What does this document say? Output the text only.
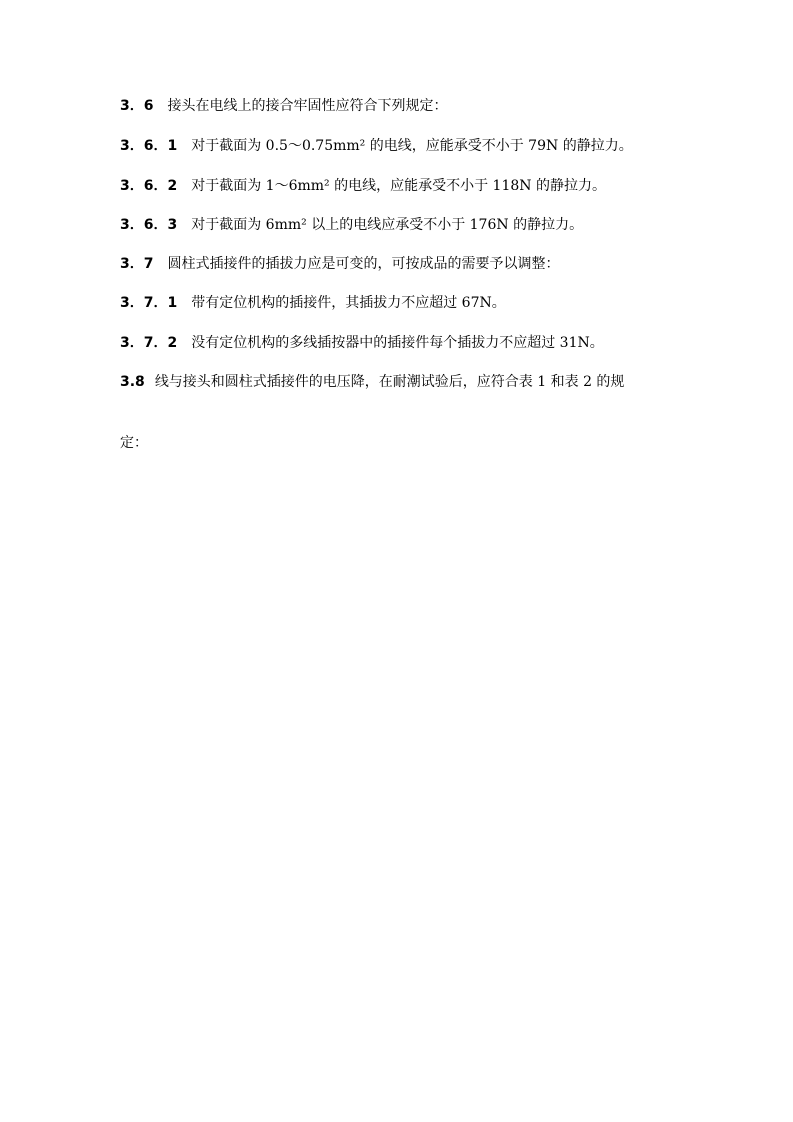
3．6 接头在电线上的接合牢固性应符合下列规定：
3．6．1 对于截面为 0.5～0.75mm² 的电线，应能承受不小于 79N 的静拉力。
3．6．2 对于截面为 1～6mm² 的电线，应能承受不小于 118N 的静拉力。
3．6．3 对于截面为 6mm² 以上的电线应承受不小于 176N 的静拉力。
3．7 圆柱式插接件的插拔力应是可变的，可按成品的需要予以调整：
3．7．1 带有定位机构的插接件，其插拔力不应超过 67N。
3．7．2 没有定位机构的多线插按器中的插接件每个插拔力不应超过 31N。
3.8 线与接头和圆柱式插接件的电压降，在耐潮试验后，应符合表 1 和表 2 的规
定：
